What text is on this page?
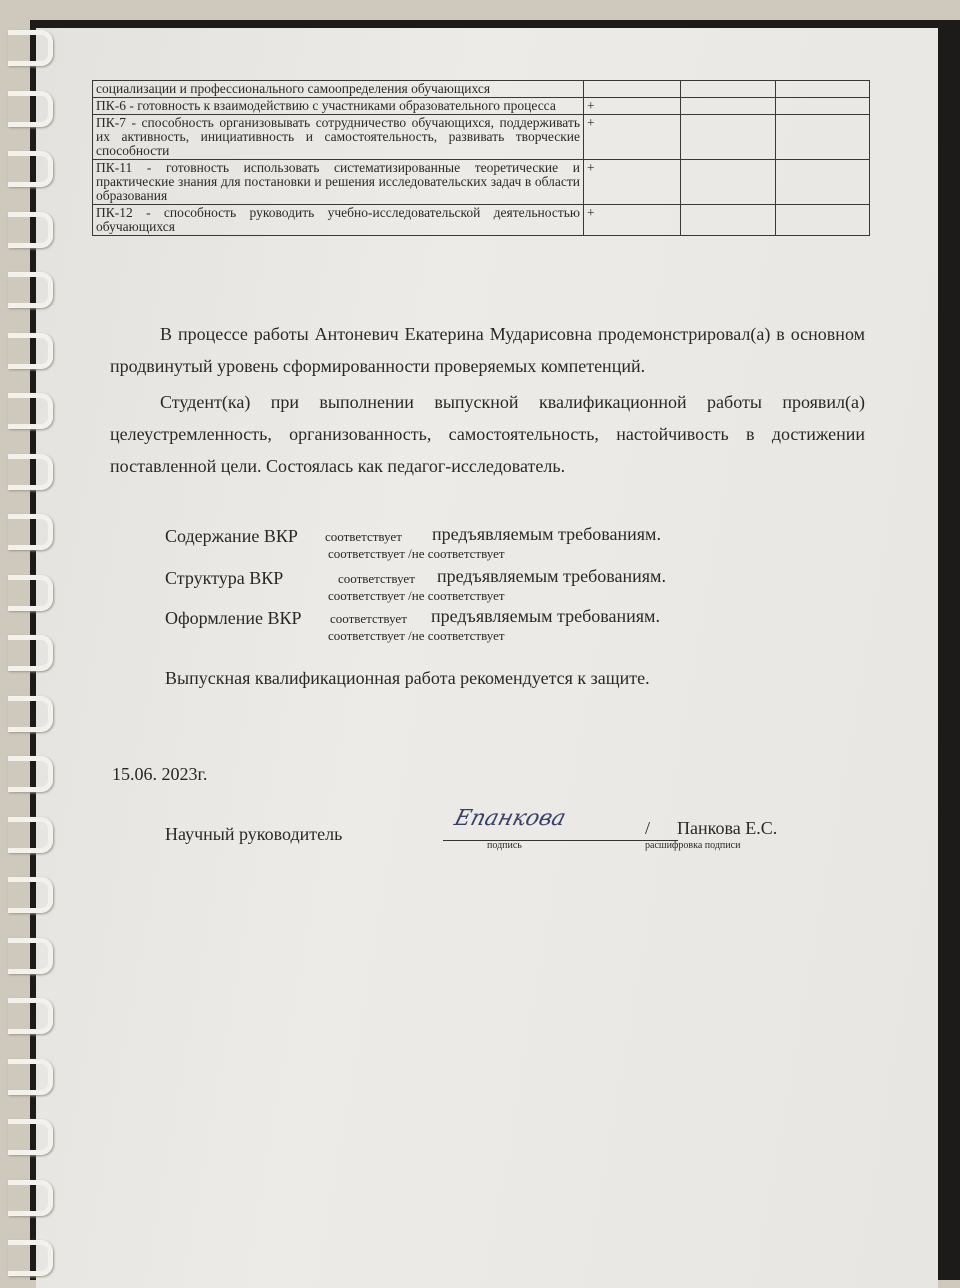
социализации и профессионального самоопределения обучающихся			
ПК-6 - готовность к взаимодействию с участниками образовательного процесса	+		
ПК-7 - способность организовывать сотрудничество обучающихся, поддерживать их активность, инициативность и самостоятельность, развивать творческие способности	+		
ПК-11 - готовность использовать систематизированные теоретические и практические знания для постановки и решения исследовательских задач в области образования	+		
ПК-12 - способность руководить учебно-исследовательской деятельностью обучающихся	+		
В процессе работы Антоневич Екатерина Мударисовна продемонстрировал(а) в основном продвинутый уровень сформированности проверяемых компетенций.
Студент(ка) при выполнении выпускной квалификационной работы проявил(а) целеустремленность, организованность, самостоятельность, настойчивость в достижении поставленной цели. Состоялась как педагог-исследователь.
Содержание ВКР соответствует предъявляемым требованиям.
соответствует /не соответствует
Структура ВКР	соответствует предъявляемым требованиям.
соответствует /не соответствует
Оформление ВКР соответствует предъявляемым требованиям.
соответствует /не соответствует
Выпускная квалификационная работа рекомендуется к защите.
15.06. 2023г.
Научный руководитель
Епанкова	/ Панкова Е.С.
подпись	расшифровка подписи
